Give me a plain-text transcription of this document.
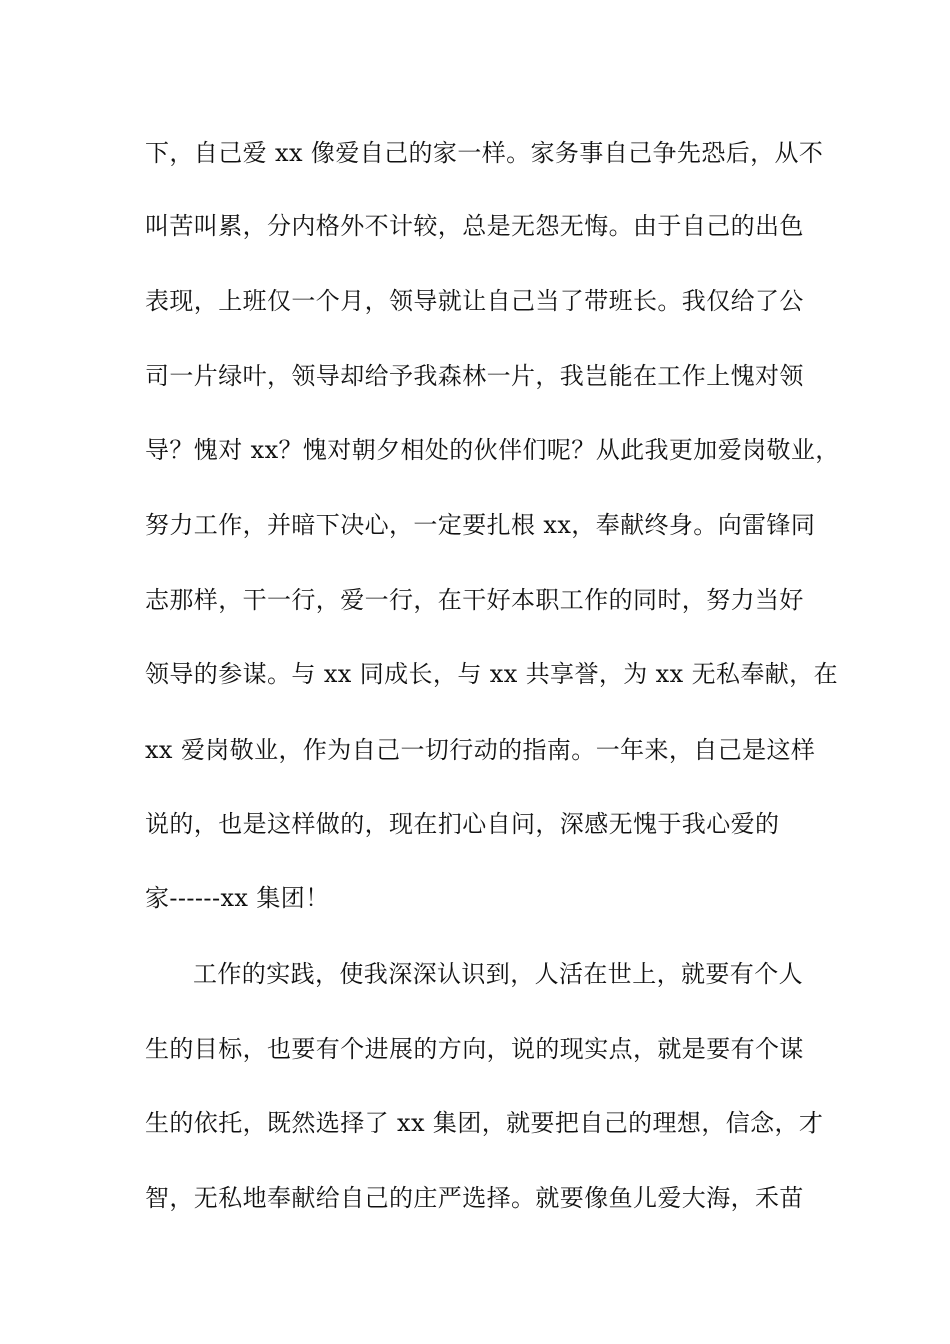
下，自己爱 xx 像爱自己的家一样。家务事自己争先恐后，从不
叫苦叫累，分内格外不计较，总是无怨无悔。由于自己的出色
表现，上班仅一个月，领导就让自己当了带班长。我仅给了公
司一片绿叶，领导却给予我森林一片，我岂能在工作上愧对领
导？愧对 xx？愧对朝夕相处的伙伴们呢？从此我更加爱岗敬业，
努力工作，并暗下决心，一定要扎根 xx，奉献终身。向雷锋同
志那样，干一行，爱一行，在干好本职工作的同时，努力当好
领导的参谋。与 xx 同成长，与 xx 共享誉，为 xx 无私奉献，在
xx 爱岗敬业，作为自己一切行动的指南。一年来，自己是这样
说的，也是这样做的，现在扪心自问，深感无愧于我心爱的
家------xx 集团！
工作的实践，使我深深认识到，人活在世上，就要有个人
生的目标，也要有个进展的方向，说的现实点，就是要有个谋
生的依托，既然选择了 xx 集团，就要把自己的理想，信念，才
智，无私地奉献给自己的庄严选择。就要像鱼儿爱大海，禾苗
